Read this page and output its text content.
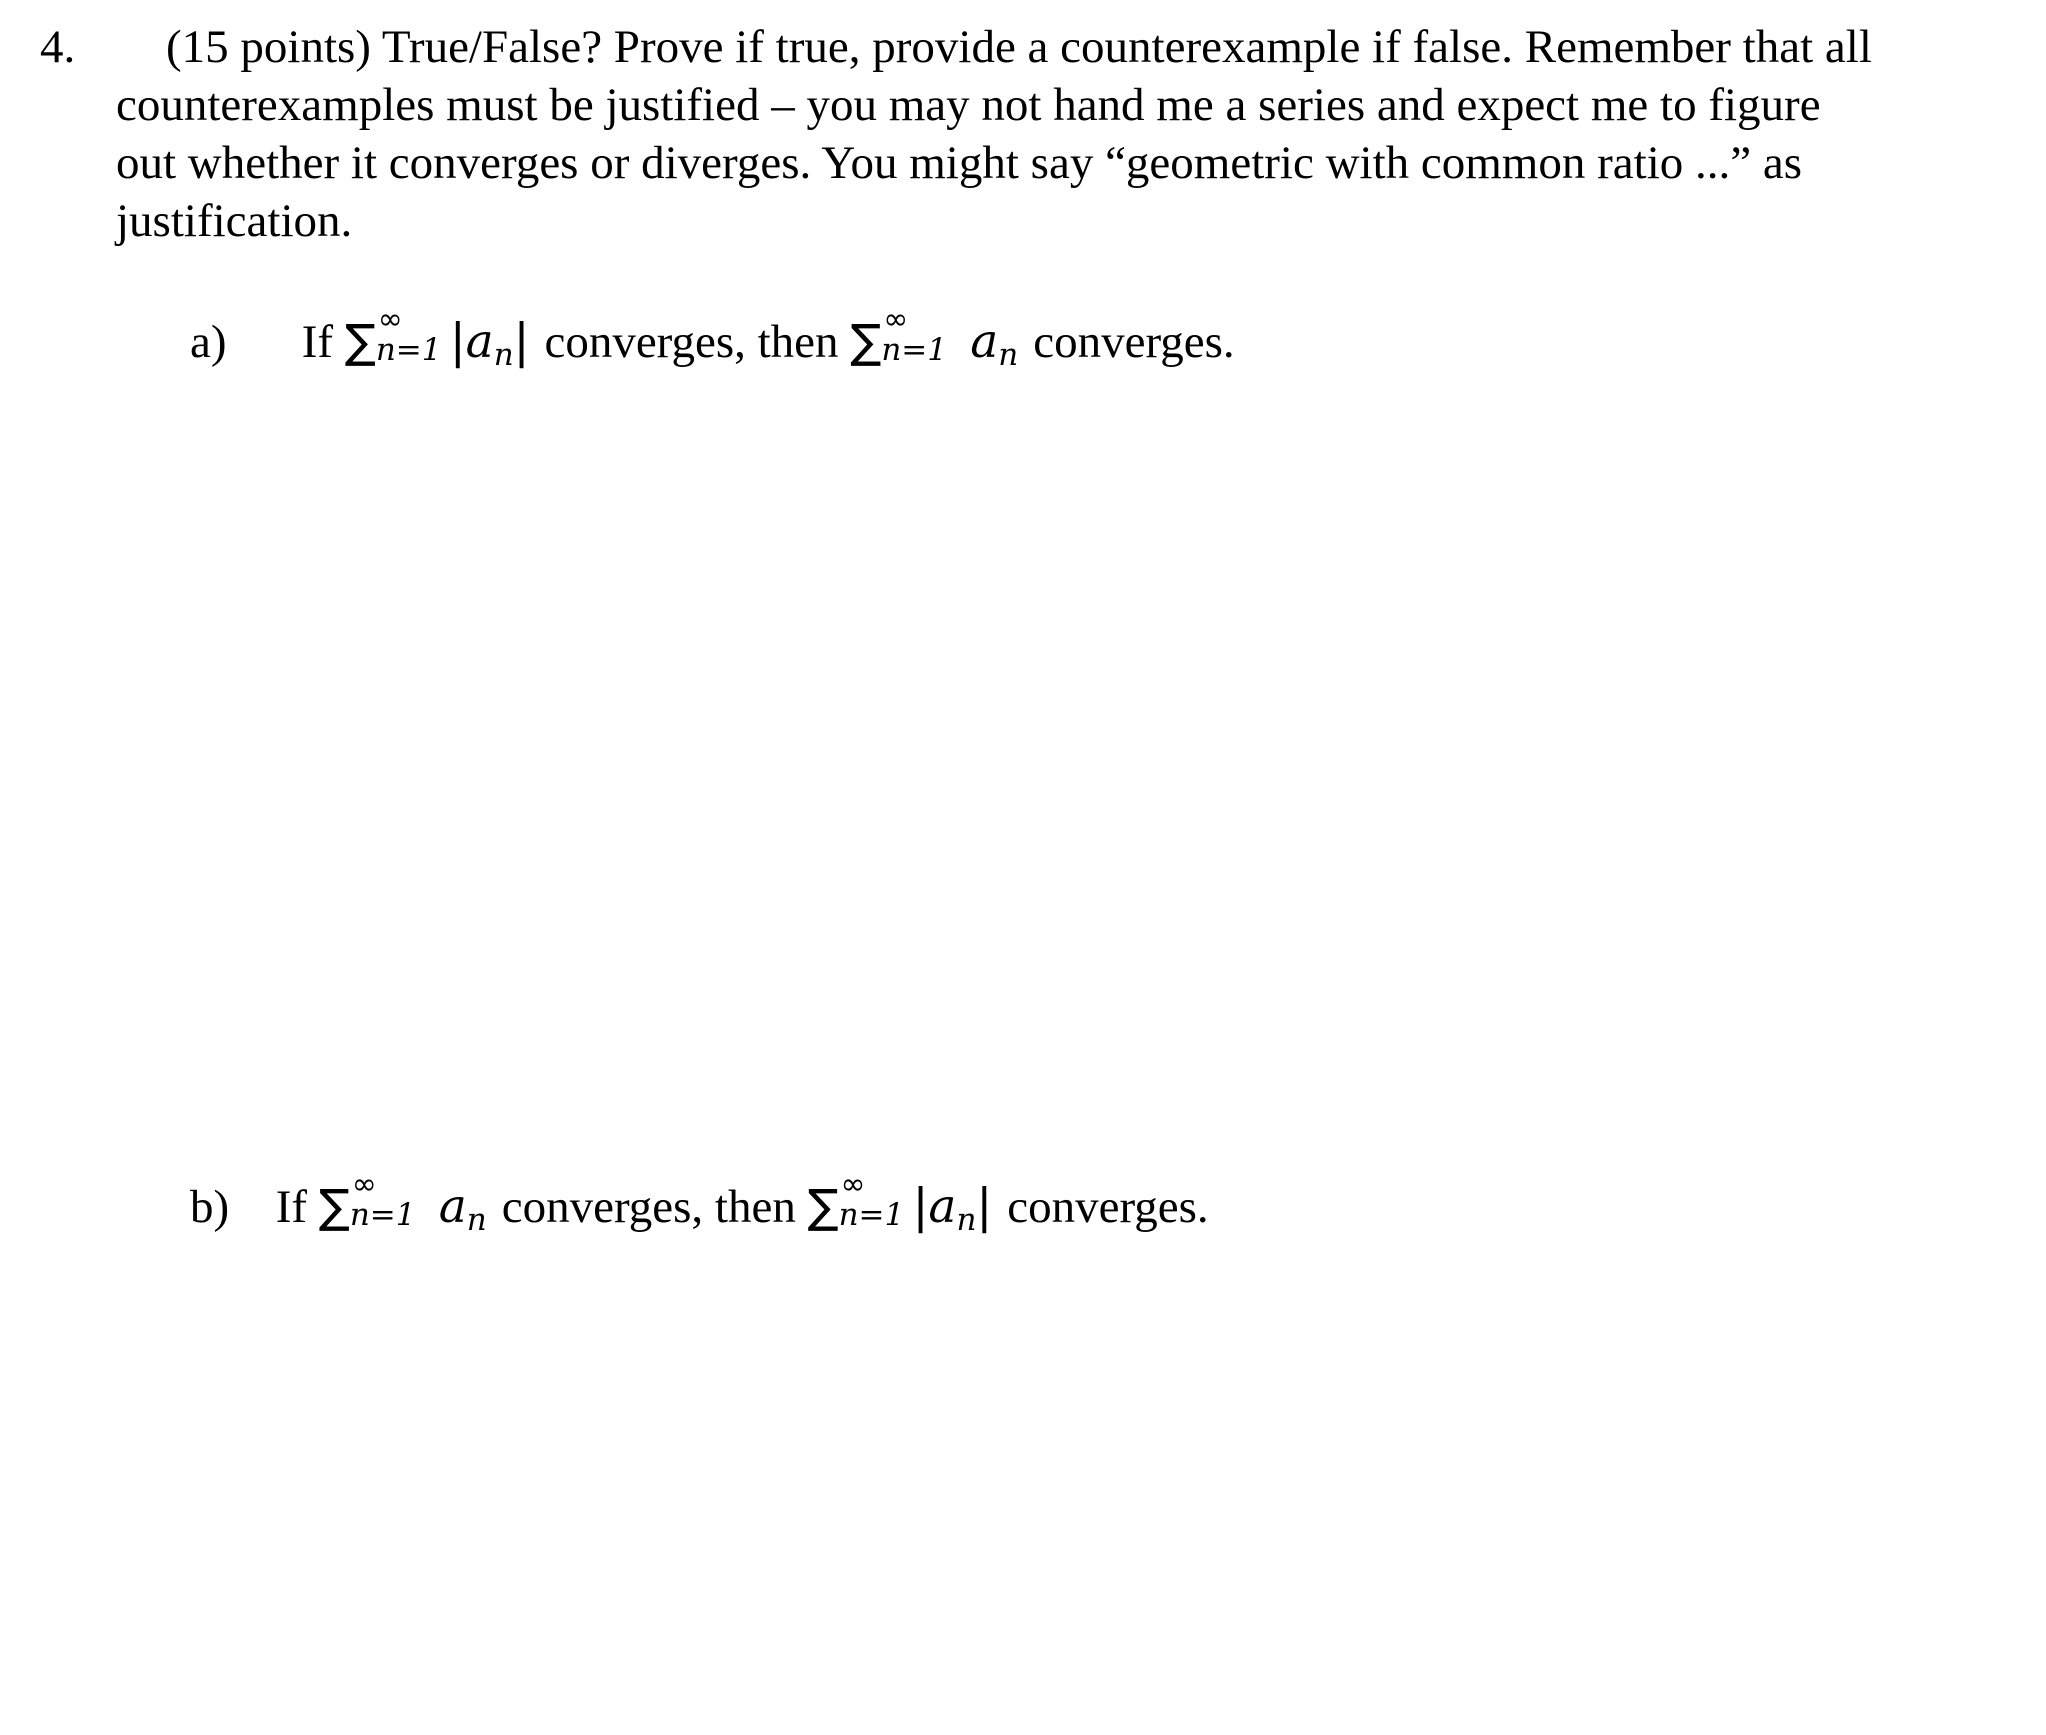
4. (15 points) True/False? Prove if true, provide a counterexample if false. Remember that all
counterexamples must be justified – you may not hand me a series and expect me to figure
out whether it converges or diverges. You might say “geometric with common ratio ...” as
justification.
a) If ∑ ∞
n=1 |an| converges, then ∑ ∞
n=1 an converges.
b) If ∑ ∞
n=1 an converges, then ∑ ∞
n=1 |an| converges.
